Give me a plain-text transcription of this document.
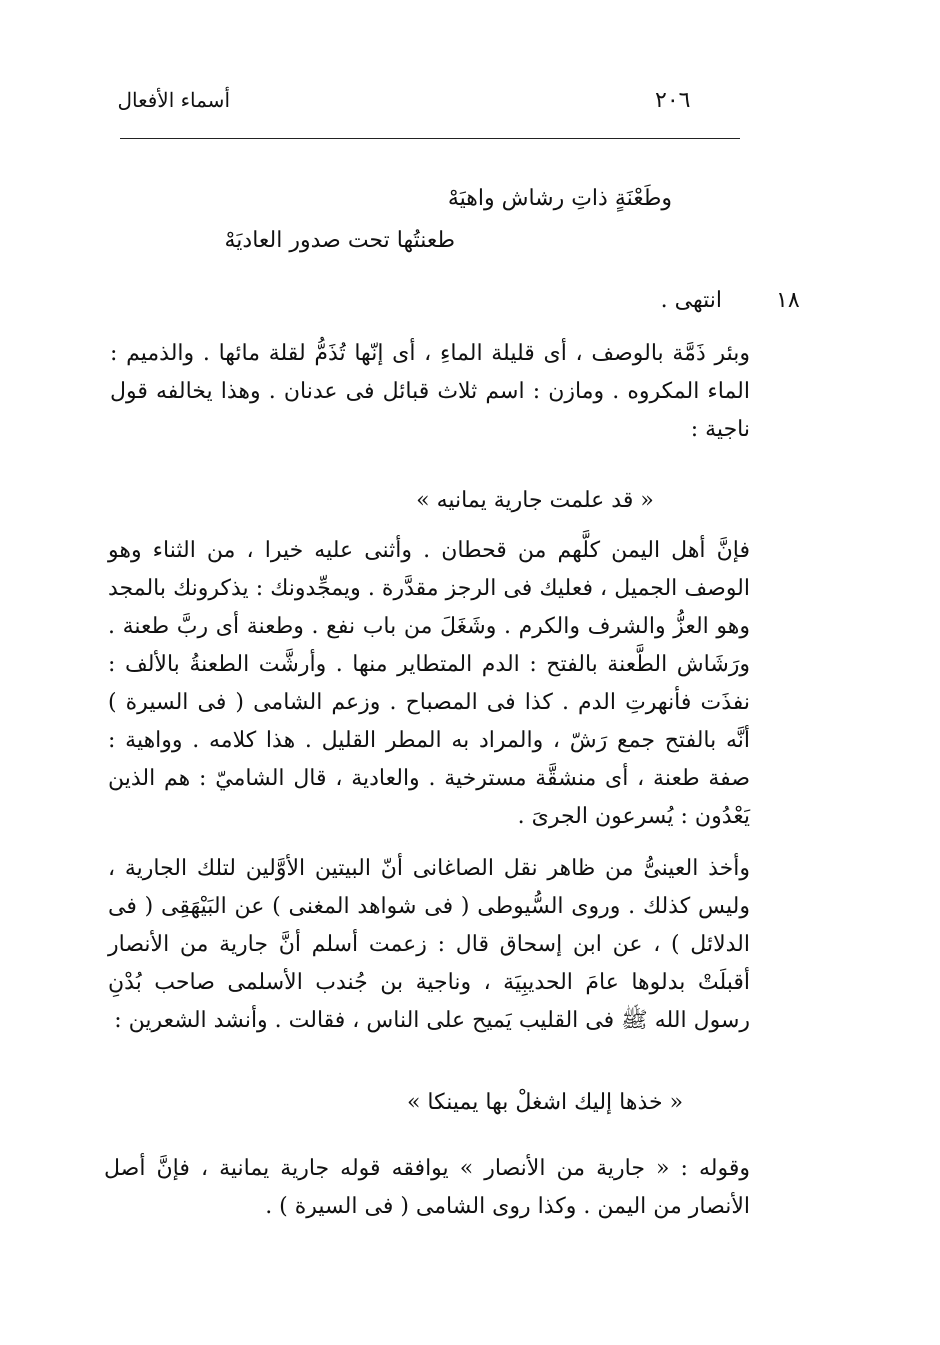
أسماء الأفعال	٢٠٦
وطَعْنَةٍ ذاتِ رشاش واهيَهْ
طعنتُها تحت صدور العاديَهْ
١٨
انتهى .
وبئر ذَمَّة بالوصف ، أى قليلة الماءِ ، أى إنّها تُذَمُّ لقلة مائها . والذميم : الماء المكروه . ومازن : اسم ثلاث قبائل فى عدنان . وهذا يخالفه قول ناجية :
« قد علمت جارية يمانيه »
فإنَّ أهل اليمن كلَّهم من قحطان . وأثنى عليه خيرا ، من الثناء وهو الوصف الجميل ، فعليك فى الرجز مقدَّرة . ويمجِّدونك : يذكرونك بالمجد وهو العزُّ والشرف والكرم . وشَغَلَ من باب نفع . وطعنة أى ربَّ طعنة . ورَشَاش الطَّعنة بالفتح : الدم المتطاير منها . وأرشَّت الطعنةُ بالألف : نفذَت فأنهرتِ الدم . كذا فى المصباح . وزعم الشامى ( فى السيرة ) أنَّه بالفتح جمع رَشّ ، والمراد به المطر القليل . هذا كلامه . وواهية : صفة طعنة ، أى منشقَّة مسترخية . والعادية ، قال الشاميّ : هم الذين يَعْدُون : يُسرعون الجرىَ .
وأخذ العينىُّ من ظاهر نقل الصاغانى أنّ البيتين الأوَّلين لتلك الجارية ، وليس كذلك . وروى السُّيوطى ( فى شواهد المغنى ) عن البَيْهَقِى ( فى الدلائل ) ، عن ابن إسحاق قال : زعمت أسلم أنَّ جارية من الأنصار أقبلَتْ بدلوها عامَ الحديبِيَة ، وناجية بن جُندب الأسلمى صاحب بُدْنِ رسول الله ﷺ فى القليب يَميح على الناس ، فقالت . وأنشد الشعرين :
« خذها إليك اشغلْ بها يمينكا »
وقوله : « جارية من الأنصار » يوافقه قوله جارية يمانية ، فإنَّ أصل الأنصار من اليمن . وكذا روى الشامى ( فى السيرة ) .
